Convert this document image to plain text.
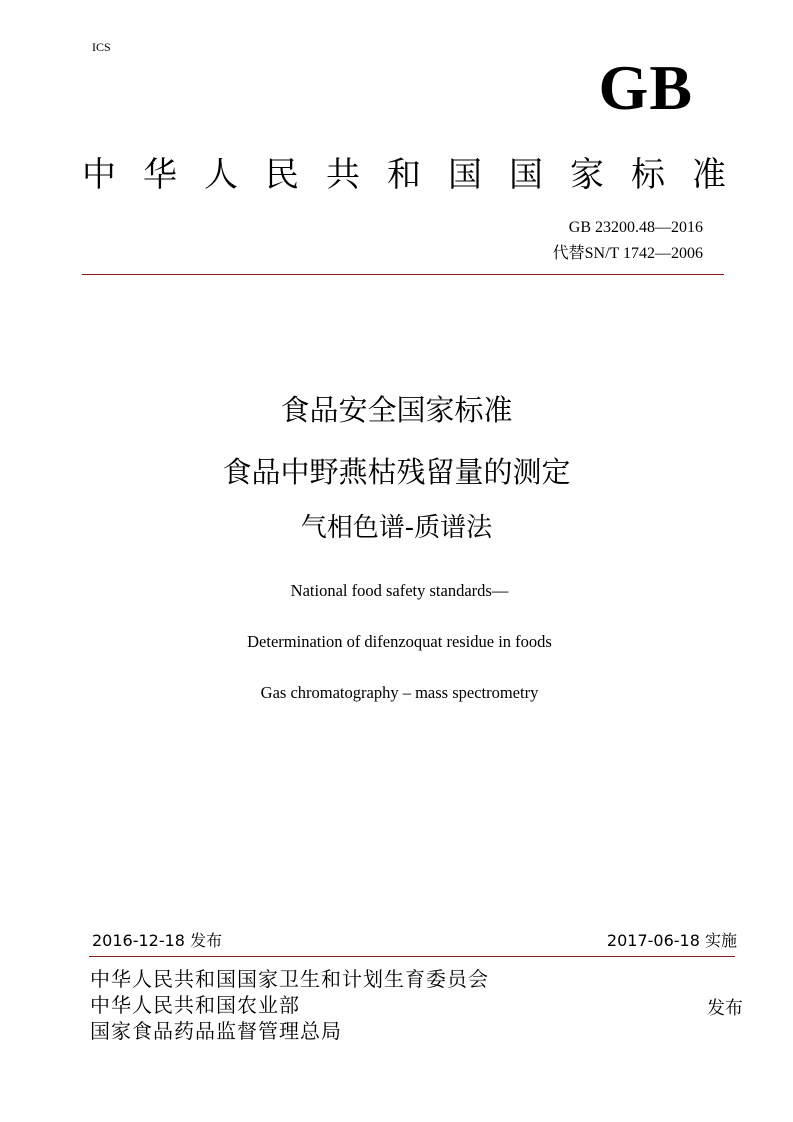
ICS
GB
中 华 人 民 共 和 国 国 家 标 准
GB 23200.48—2016
代替SN/T 1742—2006
食品安全国家标准
食品中野燕枯残留量的测定
气相色谱-质谱法
National food safety standards—
Determination of difenzoquat residue in foods
Gas chromatography – mass spectrometry
2016-12-18 发布	2017-06-18 实施
中华人民共和国国家卫生和计划生育委员会
中华人民共和国农业部
国家食品药品监督管理总局
发布
